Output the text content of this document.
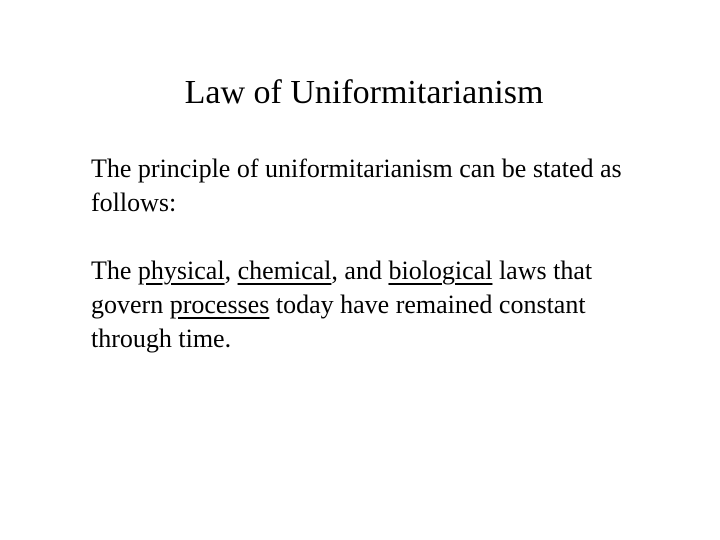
Law of Uniformitarianism

The principle of uniformitarianism can be stated as
follows:

The physical, chemical, and biological laws that
govern processes today have remained constant
through time.
